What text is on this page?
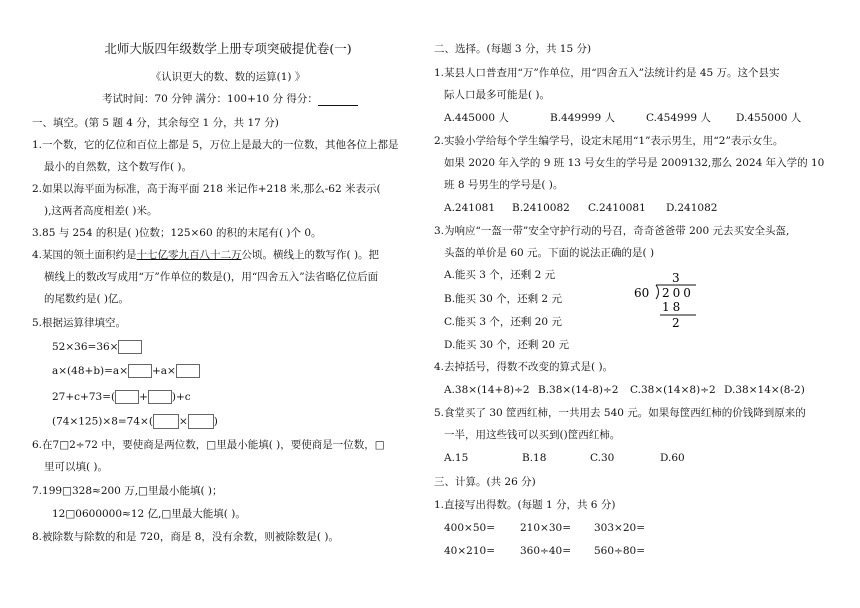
北师大版四年级数学上册专项突破提优卷(一)
《认识更大的数、数的运算(1) 》
考试时间：70 分钟 满分：100+10 分 得分：
一、填空。(第 5 题 4 分，其余每空 1 分，共 17 分)
1.一个数，它的亿位和百位上都是 5，万位上是最大的一位数，其他各位上都是
最小的自然数，这个数写作( )。
2.如果以海平面为标准，高于海平面 218 米记作+218 米,那么-62 米表示(
),这两者高度相差( )米。
3.85 与 254 的积是( )位数；125×60 的积的末尾有( )个 0。
4.某国的领土面积约是十七亿零九百八十二万公顷。横线上的数写作( )。把
横线上的数改写成用“万”作单位的数是()，用“四舍五入”法省略亿位后面
的尾数约是( )亿。
5.根据运算律填空。
52×36=36×
a×(48+b)=a× +a×
27+c+73=( + )+c
(74×125)×8=74×( × )
6.在7□2÷72 中，要使商是两位数，□里最小能填( )，要使商是一位数，□
里可以填( )。
7.199□328≈200 万,□里最小能填( )；
12□0600000≈12 亿,□里最大能填( )。
8.被除数与除数的和是 720，商是 8，没有余数，则被除数是( )。
二、选择。(每题 3 分，共 15 分)
1.某县人口普查用“万”作单位，用“四舍五入”法统计约是 45 万。这个县实
际人口最多可能是( )。
A.445000 人	B.449999 人	C.454999 人 D.455000 人
2.实验小学给每个学生编学号，设定末尾用“1”表示男生，用“2”表示女生。
如果 2020 年入学的 9 班 13 号女生的学号是 2009132,那么 2024 年入学的 10
班 8 号男生的学号是( )。
A.241081 B.2410082 C.2410081 D.241082
3.为响应“一盔一带”安全守护行动的号召，奇奇爸爸带 200 元去买安全头盔,
头盔的单价是 60 元。下面的说法正确的是( )
A.能买 3 个，还剩 2 元
B.能买 30 个，还剩 2 元
C.能买 3 个，还剩 20 元
D.能买 30 个，还剩 20 元
3
60 200
18
2
4.去掉括号，得数不改变的算式是( )。
A.38×(14+8)÷2 B.38×(14-8)÷2 C.38×(14×8)÷2 D.38×14×(8-2)
5.食堂买了 30 筐西红柿，一共用去 540 元。如果每筐西红柿的价钱降到原来的
一半，用这些钱可以买到()筐西红柿。
A.15	B.18	C.30	D.60
三、计算。(共 26 分)
1.直接写出得数。(每题 1 分，共 6 分)
400×50= 210×30= 303×20=
40×210= 360÷40= 560÷80=
